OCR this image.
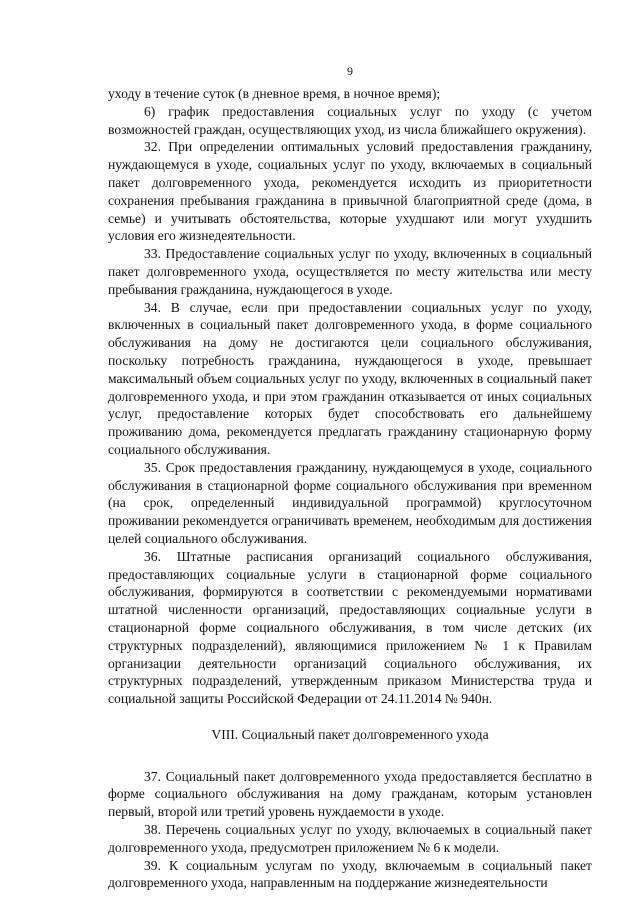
9

уходу в течение суток (в дневное время, в ночное время);

6) график предоставления социальных услуг по уходу (с учетом возможностей граждан, осуществляющих уход, из числа ближайшего окружения).

32. При определении оптимальных условий предоставления гражданину, нуждающемуся в уходе, социальных услуг по уходу, включаемых в социальный пакет долговременного ухода, рекомендуется исходить из приоритетности сохранения пребывания гражданина в привычной благоприятной среде (дома, в семье) и учитывать обстоятельства, которые ухудшают или могут ухудшить условия его жизнедеятельности.

33. Предоставление социальных услуг по уходу, включенных в социальный пакет долговременного ухода, осуществляется по месту жительства или месту пребывания гражданина, нуждающегося в уходе.

34. В случае, если при предоставлении социальных услуг по уходу, включенных в социальный пакет долговременного ухода, в форме социального обслуживания на дому не достигаются цели социального обслуживания, поскольку потребность гражданина, нуждающегося в уходе, превышает максимальный объем социальных услуг по уходу, включенных в социальный пакет долговременного ухода, и при этом гражданин отказывается от иных социальных услуг, предоставление которых будет способствовать его дальнейшему проживанию дома, рекомендуется предлагать гражданину стационарную форму социального обслуживания.

35. Срок предоставления гражданину, нуждающемуся в уходе, социального обслуживания в стационарной форме социального обслуживания при временном (на срок, определенный индивидуальной программой) круглосуточном проживании рекомендуется ограничивать временем, необходимым для достижения целей социального обслуживания.

36. Штатные расписания организаций социального обслуживания, предоставляющих социальные услуги в стационарной форме социального обслуживания, формируются в соответствии с рекомендуемыми нормативами штатной численности организаций, предоставляющих социальные услуги в стационарной форме социального обслуживания, в том числе детских (их структурных подразделений), являющимися приложением № 1 к Правилам организации деятельности организаций социального обслуживания, их структурных подразделений, утвержденным приказом Министерства труда и социальной защиты Российской Федерации от 24.11.2014 № 940н.

VIII. Социальный пакет долговременного ухода

37. Социальный пакет долговременного ухода предоставляется бесплатно в форме социального обслуживания на дому гражданам, которым установлен первый, второй или третий уровень нуждаемости в уходе.

38. Перечень социальных услуг по уходу, включаемых в социальный пакет долговременного ухода, предусмотрен приложением № 6 к модели.

39. К социальным услугам по уходу, включаемым в социальный пакет долговременного ухода, направленным на поддержание жизнедеятельности
